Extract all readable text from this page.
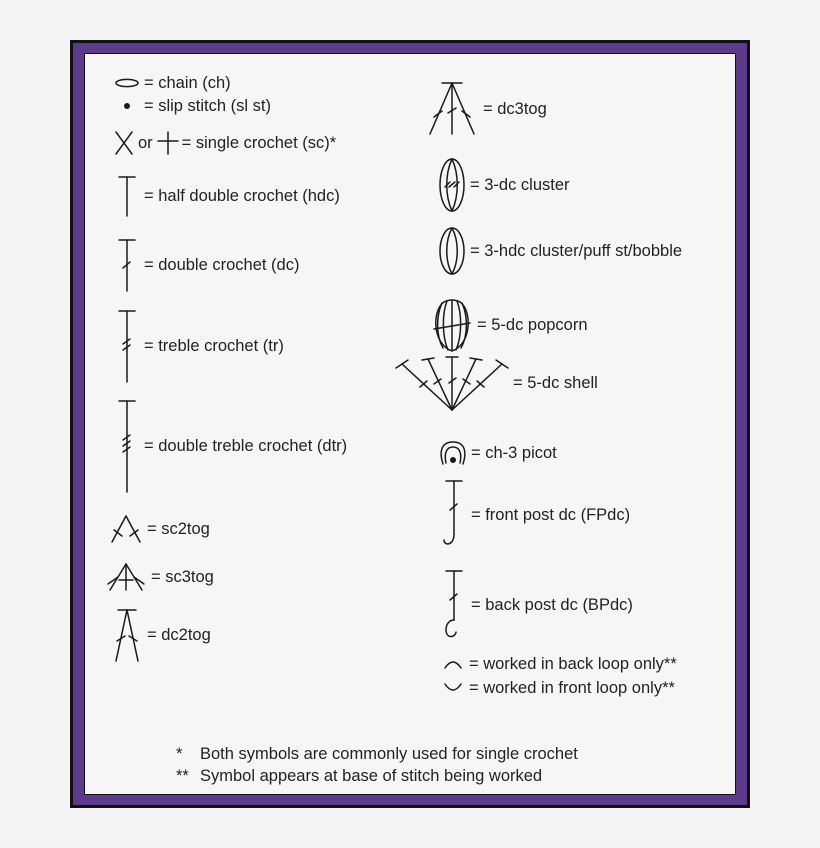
= chain (ch)
= slip stitch (sl st)
or = single crochet (sc)*
= half double crochet (hdc)
= double crochet (dc)
= treble crochet (tr)
= double treble crochet (dtr)
= sc2tog
= sc3tog
= dc2tog
= dc3tog
= 3-dc cluster
= 3-hdc cluster/puff st/bobble
= 5-dc popcorn
= 5-dc shell
= ch-3 picot
= front post dc (FPdc)
= back post dc (BPdc)
= worked in back loop only**
= worked in front loop only**
* Both symbols are commonly used for single crochet
** Symbol appears at base of stitch being worked
